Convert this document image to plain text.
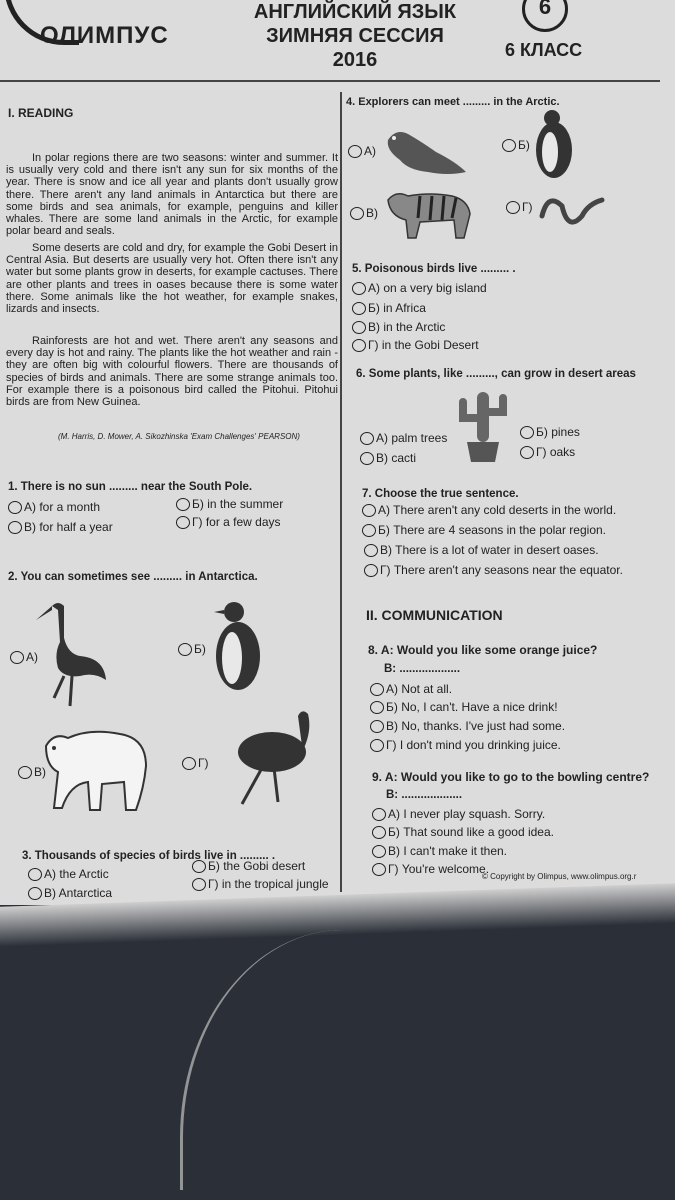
ОЛИМПУС
АНГЛИЙСКИЙ ЯЗЫК
ЗИМНЯЯ СЕССИЯ
2016
6
6 КЛАСС
I. READING
In polar regions there are two seasons: winter and summer. It is usually very cold and there isn't any sun for six months of the year. There is snow and ice all year and plants don't usually grow there. There aren't any land animals in Antarctica but there are some birds and sea animals, for example, penguins and killer whales. There are some land animals in the Arctic, for example polar beard and seals.
Some deserts are cold and dry, for example the Gobi Desert in Central Asia. But deserts are usually very hot. Often there isn't any water but some plants grow in deserts, for example cactuses. There are other plants and trees in oases because there is some water there. Some animals like the hot weather, for example snakes, lizards and insects.
Rainforests are hot and wet. There aren't any seasons and every day is hot and rainy. The plants like the hot weather and rain - they are often big with colourful flowers. There are thousands of species of birds and animals. There are some strange animals too. For example there is a poisonous bird called the Pitohui. Pitohui birds are from New Guinea.
(M. Harris, D. Mower, A. Sikozhinska 'Exam Challenges' PEARSON)
1. There is no sun ......... near the South Pole.
A) for a month	Б) in the summer
B) for half a year	Г) for a few days
2. You can sometimes see ......... in Antarctica.
A)
Б)
B)
Г)
3. Thousands of species of birds live in ......... .
A) the Arctic
Б) the Gobi desert
B) Antarctica
Г) in the tropical jungle
4. Explorers can meet ......... in the Arctic.
A)	Б)
B)	Г)
5. Poisonous birds live ......... .
A) on a very big island
Б) in Africa
B) in the Arctic
Г) in the Gobi Desert
6. Some plants, like ........., can grow in desert areas
A) palm trees	Б) pines
B) cacti	Г) oaks
7. Choose the true sentence.
A) There aren't any cold deserts in the world.
Б) There are 4 seasons in the polar region.
B) There is a lot of water in desert oases.
Г) There aren't any seasons near the equator.
II. COMMUNICATION
8. A: Would you like some orange juice?
B: ...................
A) Not at all.
Б) No, I can't. Have a nice drink!
B) No, thanks. I've just had some.
Г) I don't mind you drinking juice.
9. A: Would you like to go to the bowling centre?
B: ...................
A) I never play squash. Sorry.
Б) That sound like a good idea.
B) I can't make it then.
Г) You're welcome.
© Copyright by Olimpus, www.olimpus.org.r
